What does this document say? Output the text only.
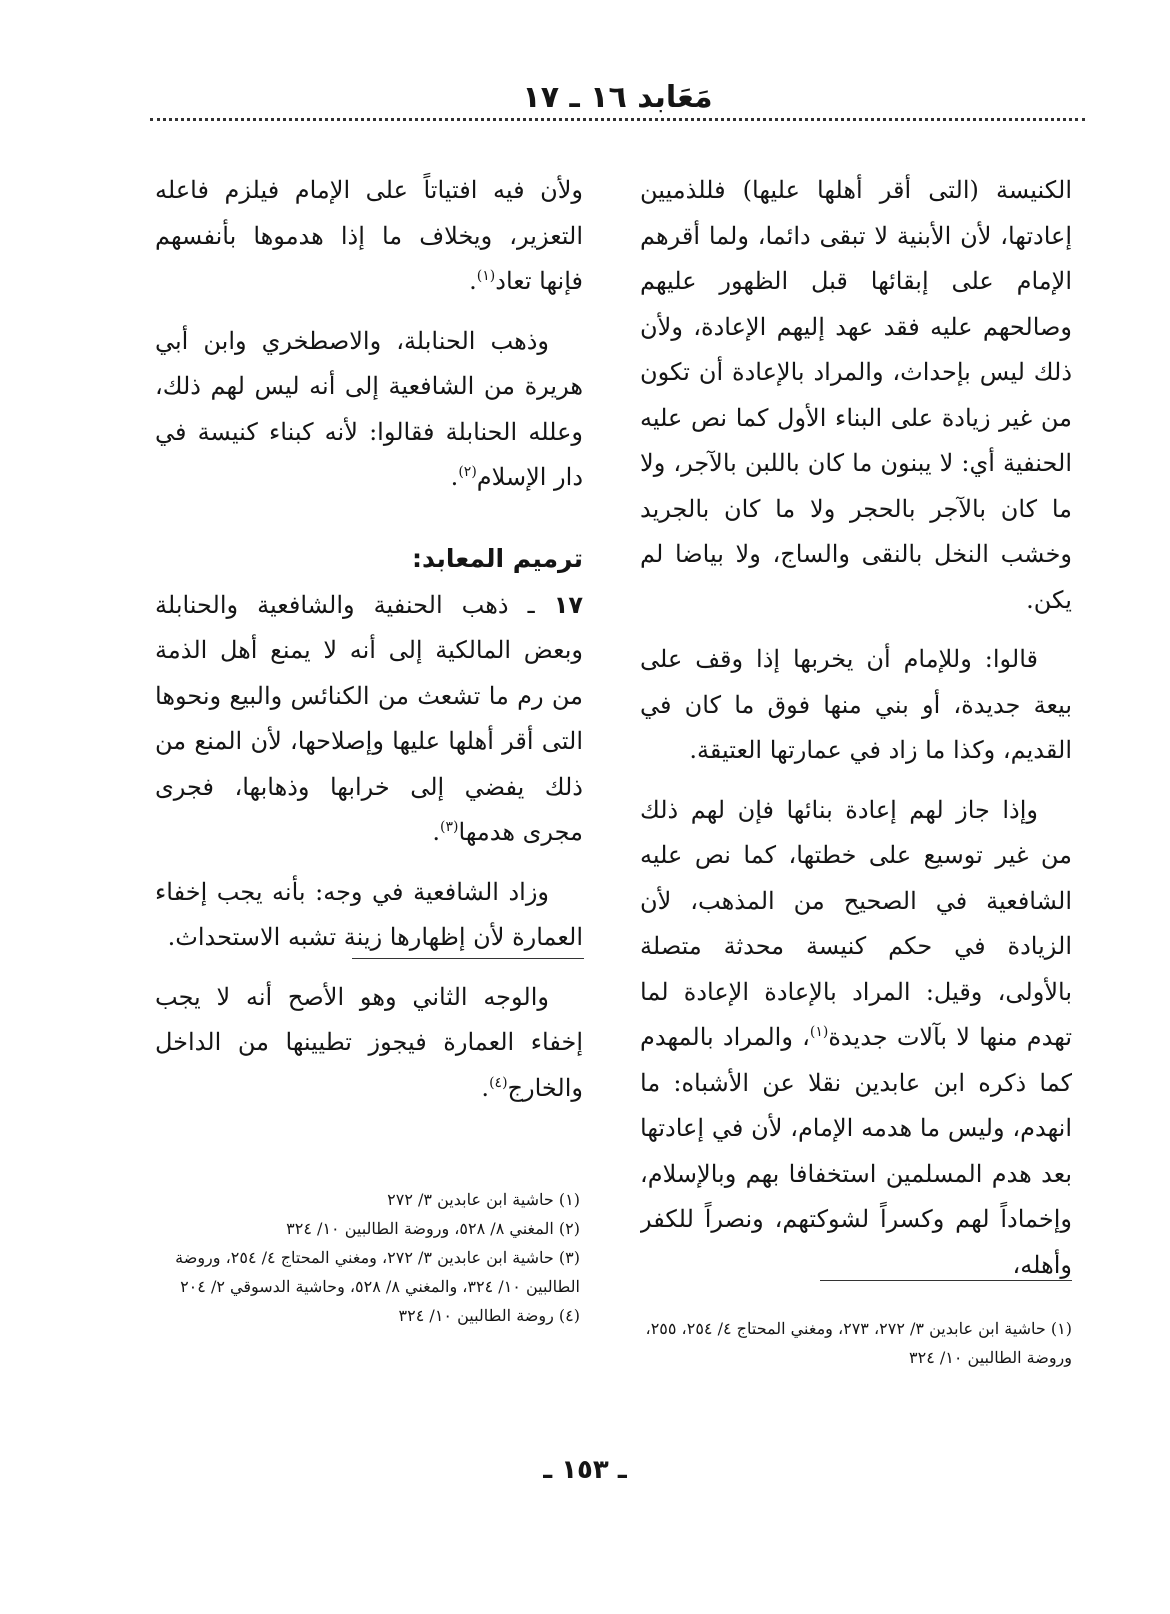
مَعَابد ١٦ ـ ١٧

الكنيسة (التى أقر أهلها عليها) فللذميين إعادتها، لأن الأبنية لا تبقى دائما، ولما أقرهم الإمام على إبقائها قبل الظهور عليهم وصالحهم عليه فقد عهد إليهم الإعادة، ولأن ذلك ليس بإحداث، والمراد بالإعادة أن تكون من غير زيادة على البناء الأول كما نص عليه الحنفية أي: لا يبنون ما كان باللبن بالآجر، ولا ما كان بالآجر بالحجر ولا ما كان بالجريد وخشب النخل بالنقى والساج، ولا بياضا لم يكن.

قالوا: وللإمام أن يخربها إذا وقف على بيعة جديدة، أو بني منها فوق ما كان في القديم، وكذا ما زاد في عمارتها العتيقة.

وإذا جاز لهم إعادة بنائها فإن لهم ذلك من غير توسيع على خطتها، كما نص عليه الشافعية في الصحيح من المذهب، لأن الزيادة في حكم كنيسة محدثة متصلة بالأولى، وقيل: المراد بالإعادة الإعادة لما تهدم منها لا بآلات جديدة$^{(١)}$، والمراد بالمهدم كما ذكره ابن عابدين نقلا عن الأشباه: ما انهدم، وليس ما هدمه الإمام، لأن في إعادتها بعد هدم المسلمين استخفافا بهم وبالإسلام، وإخماداً لهم وكسراً لشوكتهم، ونصراً للكفر وأهله،

ولأن فيه افتياتاً على الإمام فيلزم فاعله التعزير، ويخلاف ما إذا هدموها بأنفسهم فإنها تعاد$^{(١)}$.

وذهب الحنابلة، والاصطخري وابن أبي هريرة من الشافعية إلى أنه ليس لهم ذلك، وعلله الحنابلة فقالوا: لأنه كبناء كنيسة في دار الإسلام$^{(٢)}$.

ترميم المعابد:

١٧ ـ ذهب الحنفية والشافعية والحنابلة وبعض المالكية إلى أنه لا يمنع أهل الذمة من رم ما تشعث من الكنائس والبيع ونحوها التى أقر أهلها عليها وإصلاحها، لأن المنع من ذلك يفضي إلى خرابها وذهابها، فجرى مجرى هدمها$^{(٣)}$.

وزاد الشافعية في وجه: بأنه يجب إخفاء العمارة لأن إظهارها زينة تشبه الاستحداث.

والوجه الثاني وهو الأصح أنه لا يجب إخفاء العمارة فيجوز تطيينها من الداخل والخارج$^{(٤)}$.

(١) حاشية ابن عابدين ٣/ ٢٧٢

(٢) المغني ٨/ ٥٢٨، وروضة الطالبين ١٠/ ٣٢٤

(٣) حاشية ابن عابدين ٣/ ٢٧٢، ومغني المحتاج ٤/ ٢٥٤، وروضة الطالبين ١٠/ ٣٢٤، والمغني ٨/ ٥٢٨، وحاشية الدسوقي ٢/ ٢٠٤

(٤) روضة الطالبين ١٠/ ٣٢٤

(١) حاشية ابن عابدين ٣/ ٢٧٢، ٢٧٣، ومغني المحتاج ٤/ ٢٥٤، ٢٥٥، وروضة الطالبين ١٠/ ٣٢٤

ـ ١٥٣ ـ
